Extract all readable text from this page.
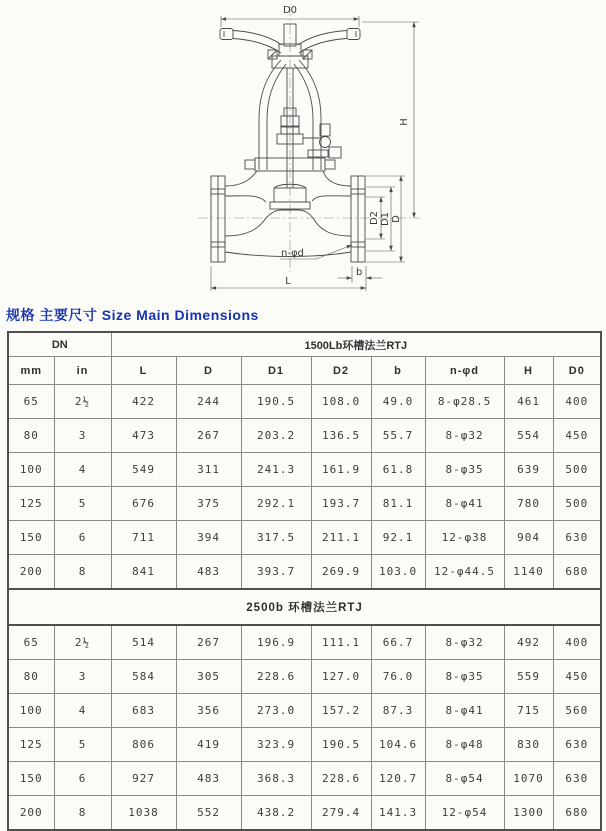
D0
H
D2 D1 D
n-φd
b
L
规格 主要尺寸 Size Main Dimensions
DN		1500Lb环槽法兰RTJ							
mm	in	L	D	D1	D2	b	n-φd	H	D0
65	2½	422	244	190.5	108.0	49.0	8-φ28.5	461	400
80	3	473	267	203.2	136.5	55.7	8-φ32	554	450
100	4	549	311	241.3	161.9	61.8	8-φ35	639	500
125	5	676	375	292.1	193.7	81.1	8-φ41	780	500
150	6	711	394	317.5	211.1	92.1	12-φ38	904	630
200	8	841	483	393.7	269.9	103.0	12-φ44.5	1140	680
2500b 环槽法兰RTJ									
65	2½	514	267	196.9	111.1	66.7	8-φ32	492	400
80	3	584	305	228.6	127.0	76.0	8-φ35	559	450
100	4	683	356	273.0	157.2	87.3	8-φ41	715	560
125	5	806	419	323.9	190.5	104.6	8-φ48	830	630
150	6	927	483	368.3	228.6	120.7	8-φ54	1070	630
200	8	1038	552	438.2	279.4	141.3	12-φ54	1300	680
